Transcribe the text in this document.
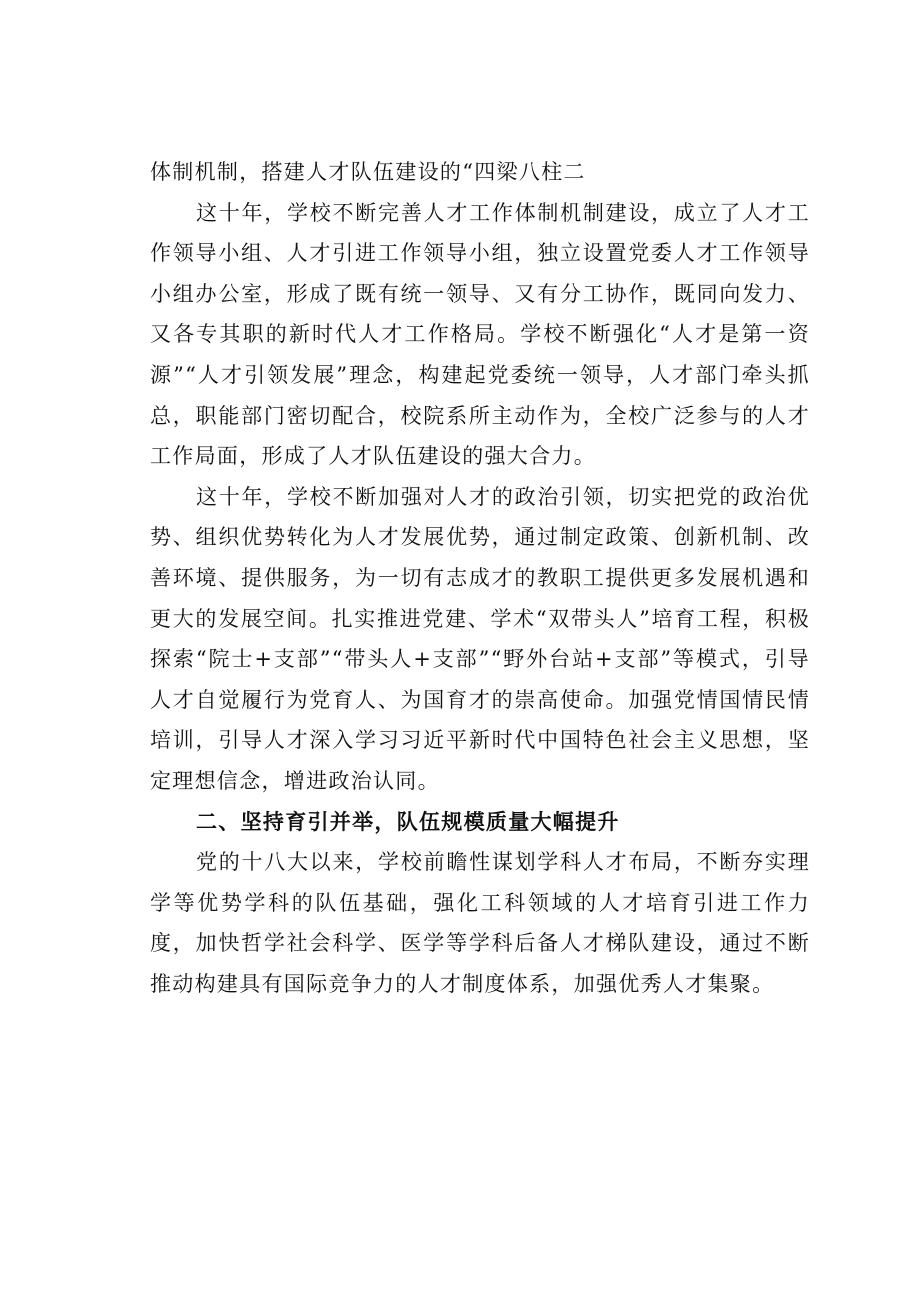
体制机制，搭建人才队伍建设的“四梁八柱二

这十年，学校不断完善人才工作体制机制建设，成立了人才工作领导小组、人才引进工作领导小组，独立设置党委人才工作领导小组办公室，形成了既有统一领导、又有分工协作，既同向发力、又各专其职的新时代人才工作格局。学校不断强化“人才是第一资源”“人才引领发展”理念，构建起党委统一领导，人才部门牵头抓总，职能部门密切配合，校院系所主动作为，全校广泛参与的人才工作局面，形成了人才队伍建设的强大合力。

这十年，学校不断加强对人才的政治引领，切实把党的政治优势、组织优势转化为人才发展优势，通过制定政策、创新机制、改善环境、提供服务，为一切有志成才的教职工提供更多发展机遇和更大的发展空间。扎实推进党建、学术“双带头人”培育工程，积极探索“院士+支部”“带头人+支部”“野外台站+支部”等模式，引导人才自觉履行为党育人、为国育才的崇高使命。加强党情国情民情培训，引导人才深入学习习近平新时代中国特色社会主义思想，坚定理想信念，增进政治认同。

二、坚持育引并举，队伍规模质量大幅提升

党的十八大以来，学校前瞻性谋划学科人才布局，不断夯实理学等优势学科的队伍基础，强化工科领域的人才培育引进工作力度，加快哲学社会科学、医学等学科后备人才梯队建设，通过不断推动构建具有国际竞争力的人才制度体系，加强优秀人才集聚。
